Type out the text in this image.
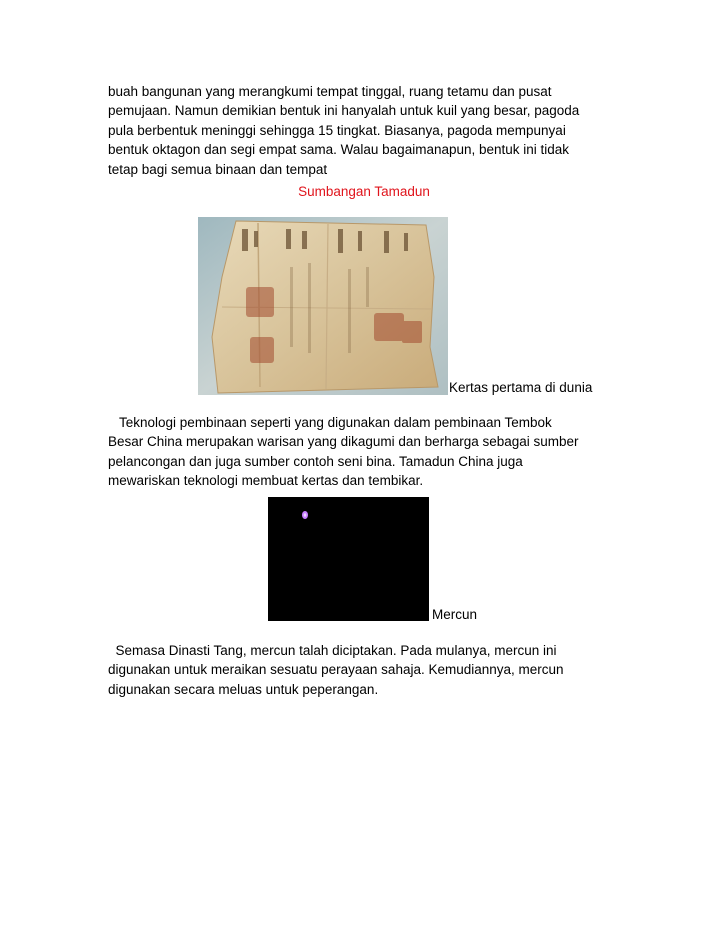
buah bangunan yang merangkumi tempat tinggal, ruang tetamu dan pusat
pemujaan. Namun demikian bentuk ini hanyalah untuk kuil yang besar, pagoda
pula berbentuk meninggi sehingga 15 tingkat. Biasanya, pagoda mempunyai
bentuk oktagon dan segi empat sama. Walau bagaimanapun, bentuk ini tidak
tetap bagi semua binaan dan tempat

Sumbangan Tamadun
Kertas pertama di dunia

Teknologi pembinaan seperti yang digunakan dalam pembinaan Tembok
Besar China merupakan warisan yang dikagumi dan berharga sebagai sumber
pelancongan dan juga sumber contoh seni bina. Tamadun China juga
mewariskan teknologi membuat kertas dan tembikar.

Mercun

Semasa Dinasti Tang, mercun talah diciptakan. Pada mulanya, mercun ini
digunakan untuk meraikan sesuatu perayaan sahaja. Kemudiannya, mercun
digunakan secara meluas untuk peperangan.
